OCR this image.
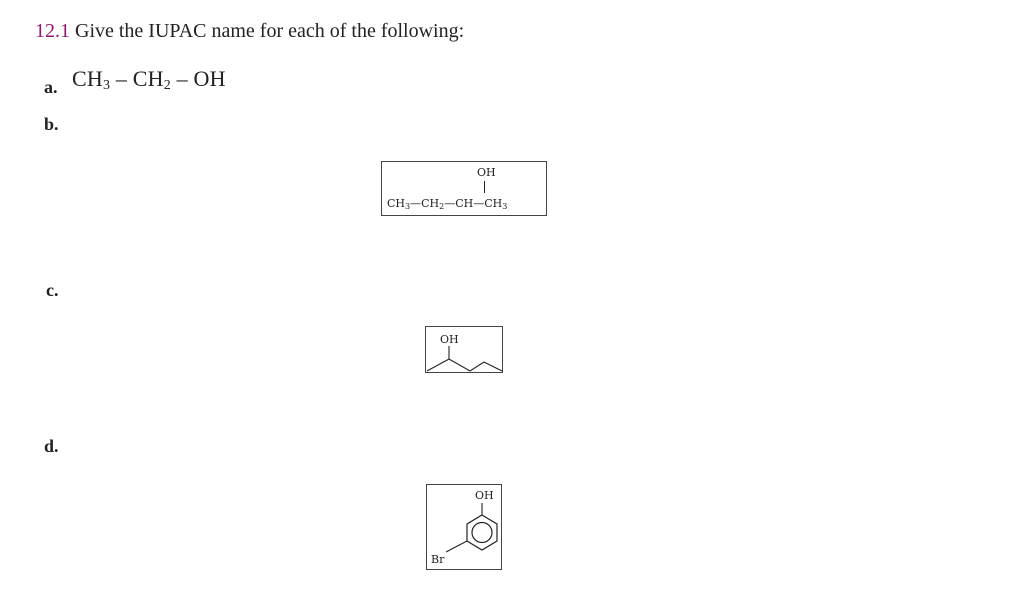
12.1 Give the IUPAC name for each of the following:
a. $CH_3 - CH_2$ – OH
b.
OH
$CH_3—CH_2—CH—CH_3$
c.
OH
d.
OH
Br
